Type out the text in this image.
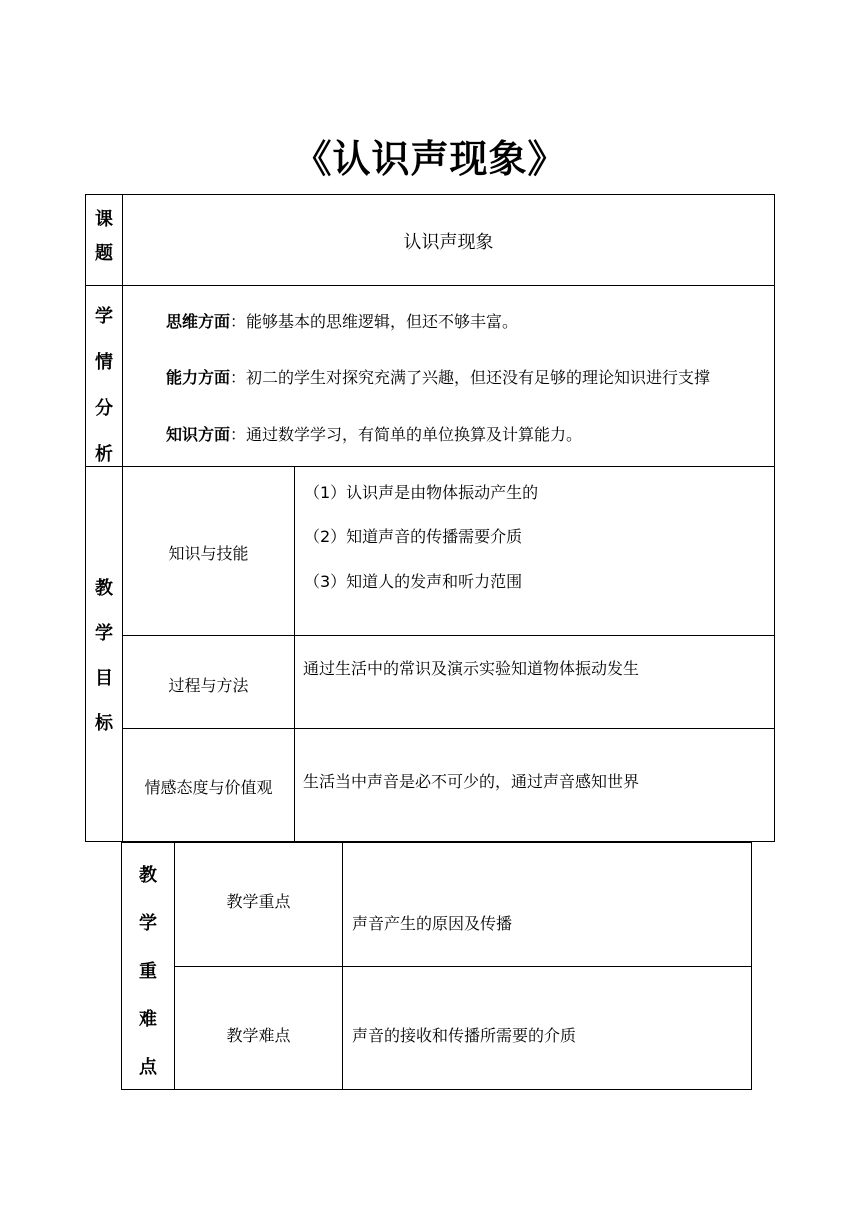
《认识声现象》
课
题
认识声现象
学
情
分
析
思维方面：能够基本的思维逻辑，但还不够丰富。
能力方面：初二的学生对探究充满了兴趣，但还没有足够的理论知识进行支撑
知识方面：通过数学学习，有简单的单位换算及计算能力。
教
学
目
标
知识与技能
（1）认识声是由物体振动产生的
（2）知道声音的传播需要介质
（3）知道人的发声和听力范围
过程与方法
通过生活中的常识及演示实验知道物体振动发生
情感态度与价值观	生活当中声音是必不可少的，通过声音感知世界
教
学
重
难
点
教学重点
声音产生的原因及传播
教学难点	声音的接收和传播所需要的介质
